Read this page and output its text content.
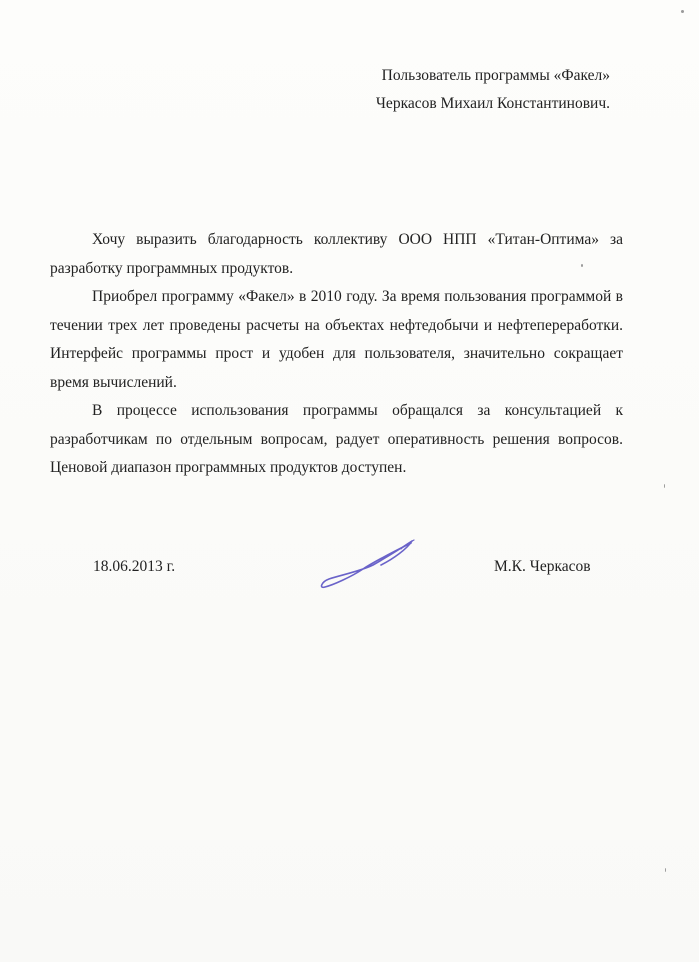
Пользователь программы «Факел»
Черкасов Михаил Константинович.

Хочу выразить благодарность коллективу ООО НПП «Титан-Оптима» за разработку программных продуктов.

Приобрел программу «Факел» в 2010 году. За время пользования программой в течении трех лет проведены расчеты на объектах нефтедобычи и нефтепереработки. Интерфейс программы прост и удобен для пользователя, значительно сокращает время вычислений.

В процессе использования программы обращался за консультацией к разработчикам по отдельным вопросам, радует оперативность решения вопросов. Ценовой диапазон программных продуктов доступен.

18.06.2013 г.	М.К. Черкасов
